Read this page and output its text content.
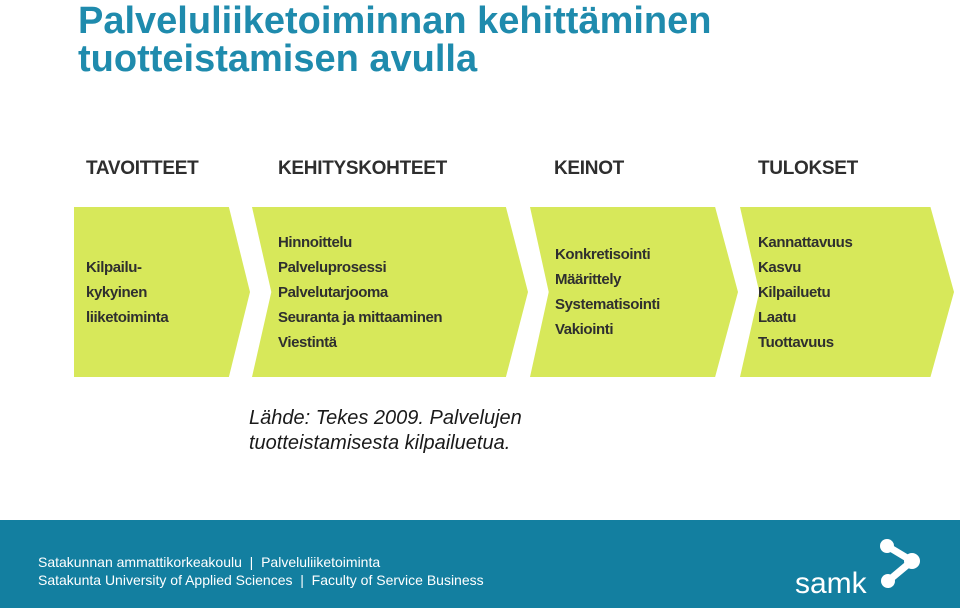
Palveluliiketoiminnan kehittäminen
tuotteistamisen avulla
TAVOITTEET	KEHITYSKOHTEET	KEINOT	TULOKSET
Kilpailu-
kykyinen
liiketoiminta
Hinnoittelu
Palveluprosessi
Palvelutarjooma
Seuranta ja mittaaminen
Viestintä
Konkretisointi
Määrittely
Systematisointi
Vakiointi
Kannattavuus
Kasvu
Kilpailuetu
Laatu
Tuottavuus
Lähde: Tekes 2009. Palvelujen
tuotteistamisesta kilpailuetua.
Satakunnan ammattikorkeakoulu  |  Palveluliiketoiminta
Satakunta University of Applied Sciences  |  Faculty of Service Business	samk
